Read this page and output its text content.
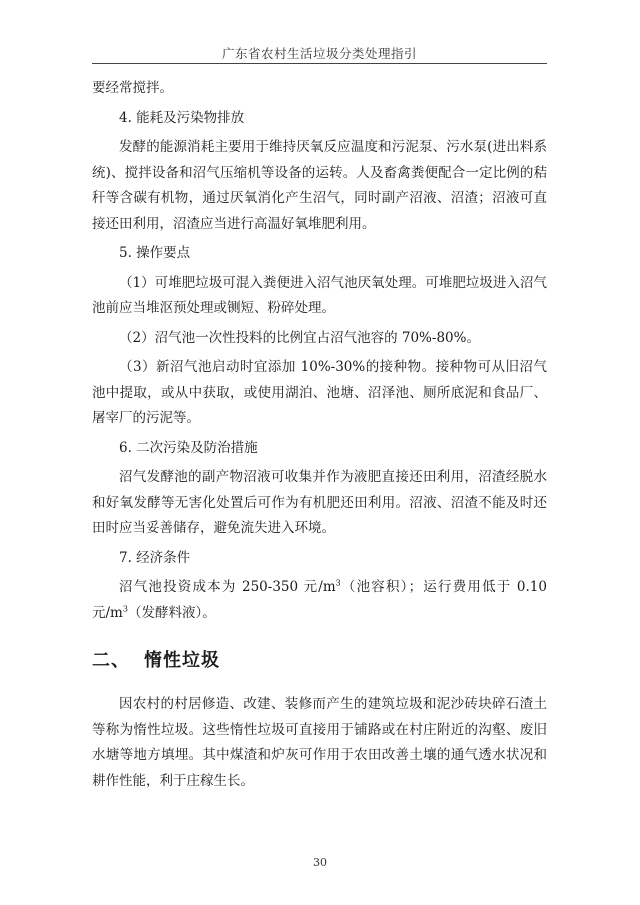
广东省农村生活垃圾分类处理指引

要经常搅拌。

4. 能耗及污染物排放

发酵的能源消耗主要用于维持厌氧反应温度和污泥泵、污水泵(进出料系统)、搅拌设备和沼气压缩机等设备的运转。人及畜禽粪便配合一定比例的秸秆等含碳有机物，通过厌氧消化产生沼气，同时副产沼液、沼渣；沼液可直接还田利用，沼渣应当进行高温好氧堆肥利用。

5. 操作要点

（1）可堆肥垃圾可混入粪便进入沼气池厌氧处理。可堆肥垃圾进入沼气池前应当堆沤预处理或铡短、粉碎处理。

（2）沼气池一次性投料的比例宜占沼气池容的 70%-80%。

（3）新沼气池启动时宜添加 10%-30%的接种物。接种物可从旧沼气池中提取，或从中获取，或使用湖泊、池塘、沼泽池、厕所底泥和食品厂、屠宰厂的污泥等。

6. 二次污染及防治措施

沼气发酵池的副产物沼液可收集并作为液肥直接还田利用，沼渣经脱水和好氧发酵等无害化处置后可作为有机肥还田利用。沼液、沼渣不能及时还田时应当妥善储存，避免流失进入环境。

7. 经济条件

沼气池投资成本为 250-350 元$/m^3$（池容积）；运行费用低于 0.10 元$/m^3$（发酵料液）。

二、 惰性垃圾

因农村的村居修造、改建、装修而产生的建筑垃圾和泥沙砖块碎石渣土等称为惰性垃圾。这些惰性垃圾可直接用于铺路或在村庄附近的沟壑、废旧水塘等地方填埋。其中煤渣和炉灰可作用于农田改善土壤的通气透水状况和耕作性能，利于庄稼生长。

30
